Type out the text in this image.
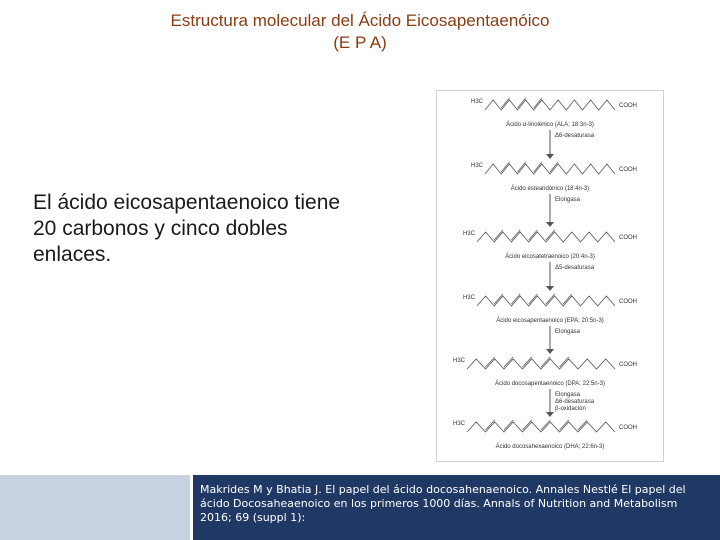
Estructura molecular del Ácido Eicosapentaenóico
(E P A)
El ácido eicosapentaenoico tiene 20 carbonos y cinco dobles enlaces.
H3C
COOH
Ácido α-linolénico (ALA; 18:3n-3)
H3C
COOH
Ácido estearidónico (18:4n-3)
H3C
COOH
Ácido eicosatetraenoico (20:4n-3)
H3C
COOH
Ácido eicosapentaenoico (EPA; 20:5n-3)
H3C
COOH
Ácido docosapentaenoico (DPA; 22:5n-3)
H3C
COOH
Ácido docosahexaenoico (DHA; 22:6n-3)
Δ6-desaturasa
Elongasa
Δ5-desaturasa
Elongasa
Elongasa
Δ6-desaturasa
β-oxidación
Makrides M y Bhatia J. El papel del ácido docosahenaenoico. Annales Nestlé El papel del ácido Docosaheaenoico en los primeros 1000 días. Annals of Nutrition and Metabolism 2016; 69 (suppl 1):
